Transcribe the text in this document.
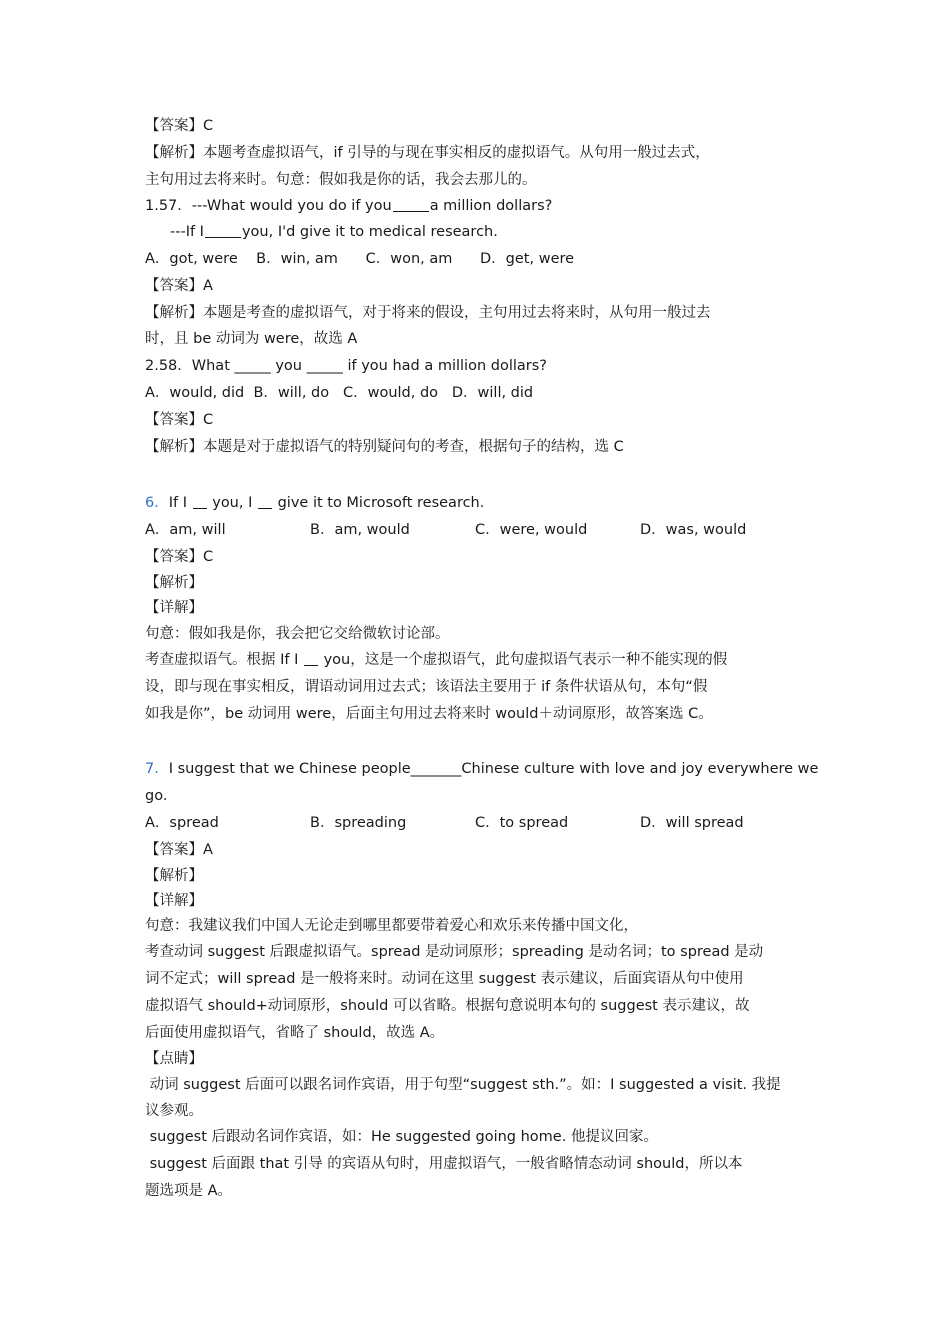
【答案】C
【解析】本题考查虚拟语气，if 引导的与现在事实相反的虚拟语气。从句用一般过去式，
主句用过去将来时。句意：假如我是你的话，我会去那儿的。
1.57．---What would you do if you	a million dollars?
---If I	you, I'd give it to medical research.
A．got, were    B．win, am      C．won, am      D．get, were
【答案】A
【解析】本题是考查的虚拟语气，对于将来的假设，主句用过去将来时，从句用一般过去
时，且 be 动词为 were，故选 A
2.58．What _____ you _____ if you had a million dollars?
A．would, did  B．will, do   C．would, do   D．will, did
【答案】C
【解析】本题是对于虚拟语气的特别疑问句的考查，根据句子的结构，选 C
6．If I you, I give it to Microsoft research.
A．am, will	B．am, would	C．were, would	D．was, would
【答案】C
【解析】
【详解】
句意：假如我是你，我会把它交给微软讨论部。
考查虚拟语气。根据 If I you，这是一个虚拟语气，此句虚拟语气表示一种不能实现的假
设，即与现在事实相反，谓语动词用过去式；该语法主要用于 if 条件状语从句，本句“假
如我是你”，be 动词用 were，后面主句用过去将来时 would＋动词原形，故答案选 C。
7．I suggest that we Chinese people_______Chinese culture with love and joy everywhere we
go.
A．spread	B．spreading	C．to spread	D．will spread
【答案】A
【解析】
【详解】
句意：我建议我们中国人无论走到哪里都要带着爱心和欢乐来传播中国文化，
考查动词 suggest 后跟虚拟语气。spread 是动词原形；spreading 是动名词；to spread 是动
词不定式；will spread 是一般将来时。动词在这里 suggest 表示建议，后面宾语从句中使用
虚拟语气 should+动词原形，should 可以省略。根据句意说明本句的 suggest 表示建议，故
后面使用虚拟语气，省略了 should，故选 A。
【点睛】
动词 suggest 后面可以跟名词作宾语，用于句型“suggest sth.”。如：I suggested a visit. 我提
议参观。
suggest 后跟动名词作宾语，如：He suggested going home. 他提议回家。
suggest 后面跟 that 引导 的宾语从句时，用虚拟语气，一般省略情态动词 should，所以本
题选项是 A。
